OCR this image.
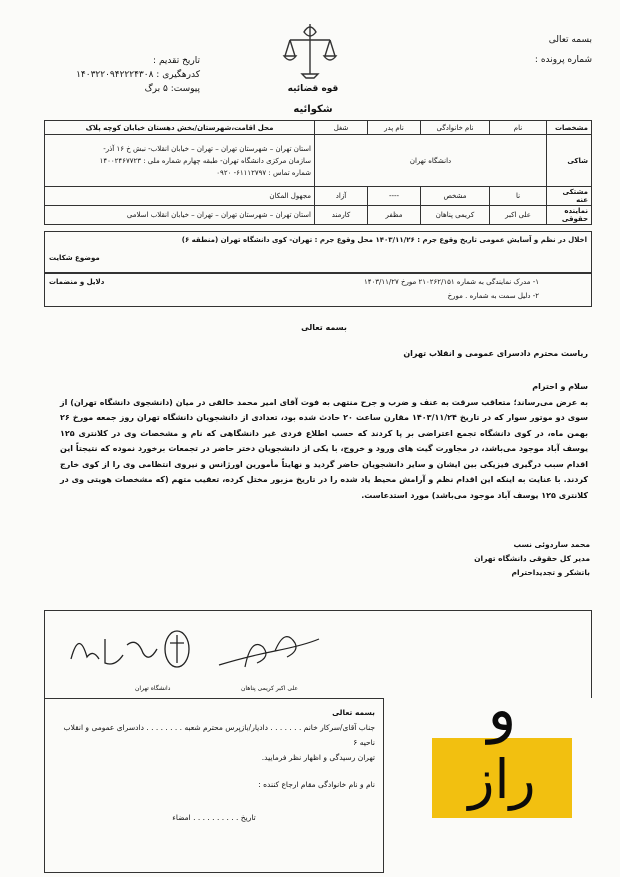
بسمه تعالی
شماره پرونده :
تاریخ تقدیم :
کدرهگیری : ۱۴۰۳۲۲۰۹۴۲۲۲۴۳۰۸
پیوست: ۵ برگ	قوه قضائیه
شکوائیه
مشخصات	نام	نام خانوادگی	نام پدر	شغل	محل اقامت،شهرستان/بخش دهستان خیابان کوچه پلاک
شاکی	دانشگاه تهران				استان تهران – شهرستان تهران – تهران – خیابان انقلاب- نبش خ ۱۶ آذر-
سازمان مرکزی دانشگاه تهران- طبقه چهارم شماره ملی : ۱۴۰۰۲۴۶۷۷۲۳
شماره تماس : ۶۱۱۱۲۷۹۷- ۰۹۲۰

مشتکی عنه	نا	مشخص	----	آزاد	مجهول المکان
نماینده حقوقی	علی اکبر	کریمی پناهان	مظفر	کارمند	استان تهران – شهرستان تهران – تهران – خیابان انقلاب اسلامی
اخلال در نظم و آسایش عمومی تاریخ وقوع جرم : ۱۴۰۳/۱۱/۲۶ محل وقوع جرم : تهران- کوی دانشگاه تهران (منطقه ۶)
موضوع شکایت
دلایل و منضمات	۱- مدرک نمایندگی به شماره ۲۱۰۲۶۲/۱۵۱ مورخ ۱۴۰۳/۱۱/۲۷
۲- دلیل سمت به شماره . مورخ
بسمه تعالی
ریاست محترم دادسرای عمومی و انقلاب تهران
سلام و احترام
به عرض می‌رساند؛ متعاقب سرقت به عنف و ضرب و جرح منتهی به فوت آقای امیر محمد خالقی در میان (دانشجوی دانشگاه تهران) از سوی دو موتور سوار که در تاریخ ۱۴۰۳/۱۱/۲۴ مقارن ساعت ۲۰ حادث شده بود، تعدادی از دانشجویان دانشگاه تهران روز جمعه مورخ ۲۶ بهمن ماه، در کوی دانشگاه تجمع اعتراضی بر پا کردند که حسب اطلاع فردی غیر دانشگاهی که نام و مشخصات وی در کلانتری ۱۲۵ یوسف آباد موجود می‌باشد، در مجاورت گیت های ورود و خروج، با یکی از دانشجویان دختر حاضر در تجمعات برخورد نموده که نتیجتاً این اقدام سبب درگیری فیزیکی بین ایشان و سایر دانشجویان حاضر گردید و نهایتاً مأمورین اورژانس و نیروی انتظامی وی را از کوی خارج کردند. با عنایت به اینکه این اقدام نظم و آرامش محیط یاد شده را در تاریخ مزبور مختل کرده، تعقیب متهم (که مشخصات هویتی وی در کلانتری ۱۲۵ یوسف آباد موجود می‌باشد) مورد استدعاست.
محمد ساردوئی نسب
مدیر کل حقوقی دانشگاه تهران
باتشکر و تجدیداحترام
دانشگاه تهران	علی اکبر کریمی پناهان
بسمه تعالی
جناب آقای/سرکار خانم . . . . . . . دادیار/بازپرس محترم شعبه . . . . . . . . دادسرای عمومی و انقلاب ناحیه ۶
تهران رسیدگی و اظهار نظر فرمایید.
نام و نام خانوادگی مقام ارجاع کننده :
تاریخ . . . . . . . . . . امضاء
و
راز
